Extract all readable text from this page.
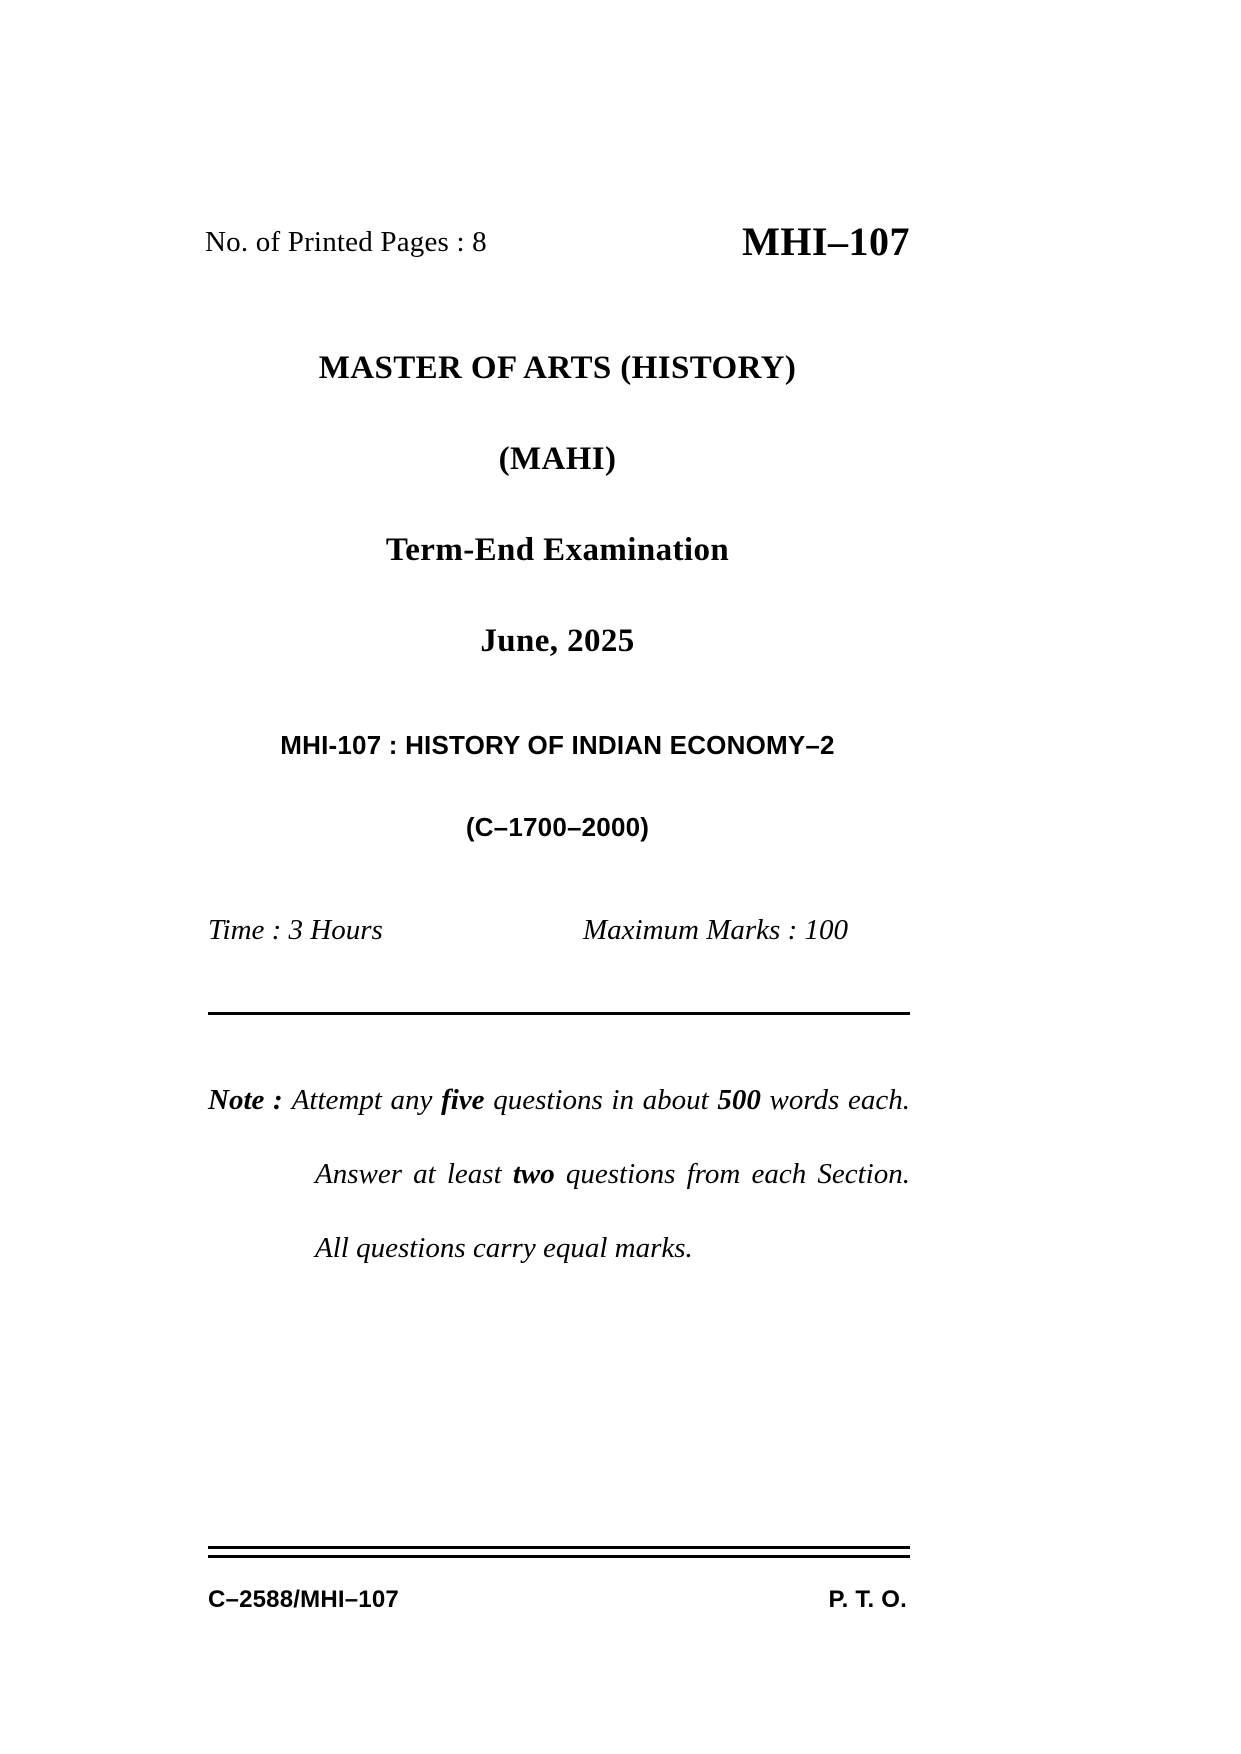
No. of Printed Pages : 8	MHI–107
MASTER OF ARTS (HISTORY)
(MAHI)
Term-End Examination
June, 2025
MHI-107 : HISTORY OF INDIAN ECONOMY–2
(C–1700–2000)
Time : 3 Hours	Maximum Marks : 100

Note : Attempt any five questions in about 500 words each. Answer at least two questions from each Section. All questions carry equal marks.

C–2588/MHI–107	P. T. O.
